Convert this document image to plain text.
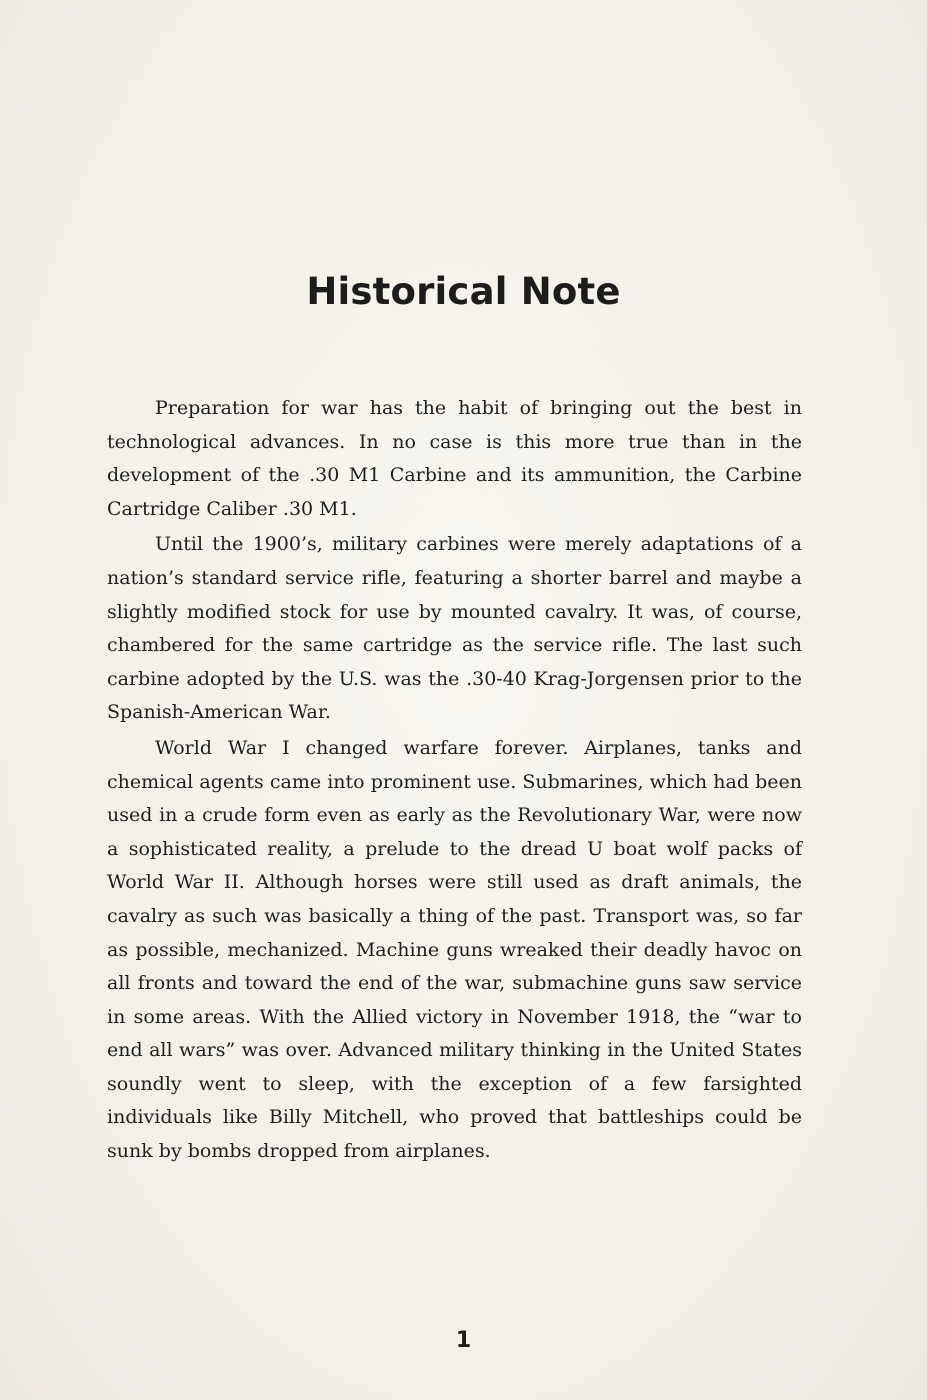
Historical Note

Preparation for war has the habit of bringing out the best in technological advances. In no case is this more true than in the development of the .30 M1 Carbine and its ammunition, the Carbine Cartridge Caliber .30 M1.

Until the 1900’s, military carbines were merely adaptations of a nation’s standard service rifle, featuring a shorter barrel and maybe a slightly modified stock for use by mounted cavalry. It was, of course, chambered for the same cartridge as the service rifle. The last such carbine adopted by the U.S. was the .30-40 Krag-Jorgensen prior to the Spanish-American War.

World War I changed warfare forever. Airplanes, tanks and chemical agents came into prominent use. Submarines, which had been used in a crude form even as early as the Revolutionary War, were now a sophisticated reality, a prelude to the dread U boat wolf packs of World War II. Although horses were still used as draft animals, the cavalry as such was basically a thing of the past. Transport was, so far as possible, mechanized. Machine guns wreaked their deadly havoc on all fronts and toward the end of the war, submachine guns saw service in some areas. With the Allied victory in November 1918, the “war to end all wars” was over. Advanced military thinking in the United States soundly went to sleep, with the exception of a few farsighted individuals like Billy Mitchell, who proved that battleships could be sunk by bombs dropped from airplanes.

1
